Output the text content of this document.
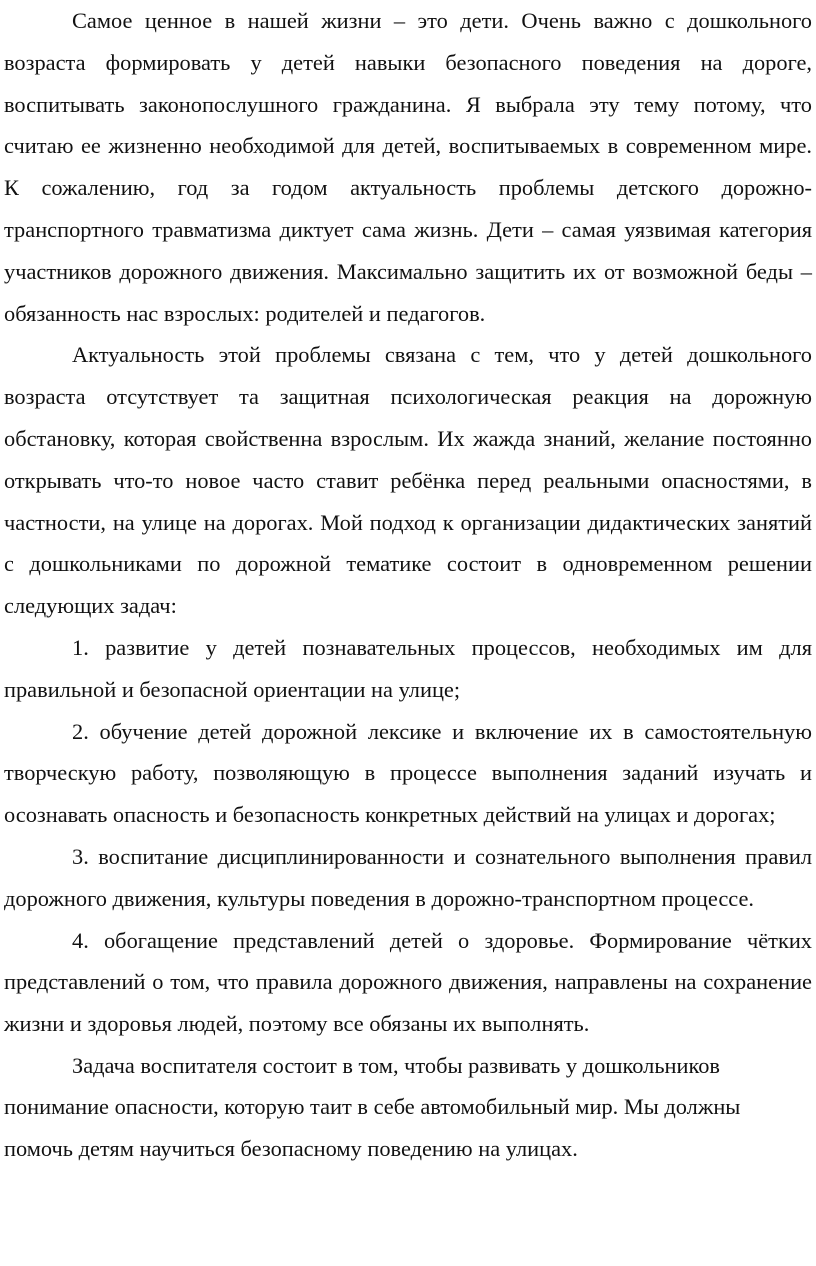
Самое ценное в нашей жизни – это дети. Очень важно с дошкольного возраста формировать у детей навыки безопасного поведения на дороге, воспитывать законопослушного гражданина. Я выбрала эту тему потому, что считаю ее жизненно необходимой для детей, воспитываемых в современном мире. К сожалению, год за годом актуальность проблемы детского дорожно-транспортного травматизма диктует сама жизнь. Дети – самая уязвимая категория участников дорожного движения. Максимально защитить их от возможной беды – обязанность нас взрослых: родителей и педагогов.

Актуальность этой проблемы связана с тем, что у детей дошкольного возраста отсутствует та защитная психологическая реакция на дорожную обстановку, которая свойственна взрослым. Их жажда знаний, желание постоянно открывать что-то новое часто ставит ребёнка перед реальными опасностями, в частности, на улице на дорогах. Мой подход к организации дидактических занятий с дошкольниками по дорожной тематике состоит в одновременном решении следующих задач:

1. развитие у детей познавательных процессов, необходимых им для правильной и безопасной ориентации на улице;

2. обучение детей дорожной лексике и включение их в самостоятельную творческую работу, позволяющую в процессе выполнения заданий изучать и осознавать опасность и безопасность конкретных действий на улицах и дорогах;

3. воспитание дисциплинированности и сознательного выполнения правил дорожного движения, культуры поведения в дорожно-транспортном процессе.

4. обогащение представлений детей о здоровье. Формирование чётких представлений о том, что правила дорожного движения, направлены на сохранение жизни и здоровья людей, поэтому все обязаны их выполнять.

Задача воспитателя состоит в том, чтобы развивать у дошкольников понимание опасности, которую таит в себе автомобильный мир. Мы должны помочь детям научиться безопасному поведению на улицах.
